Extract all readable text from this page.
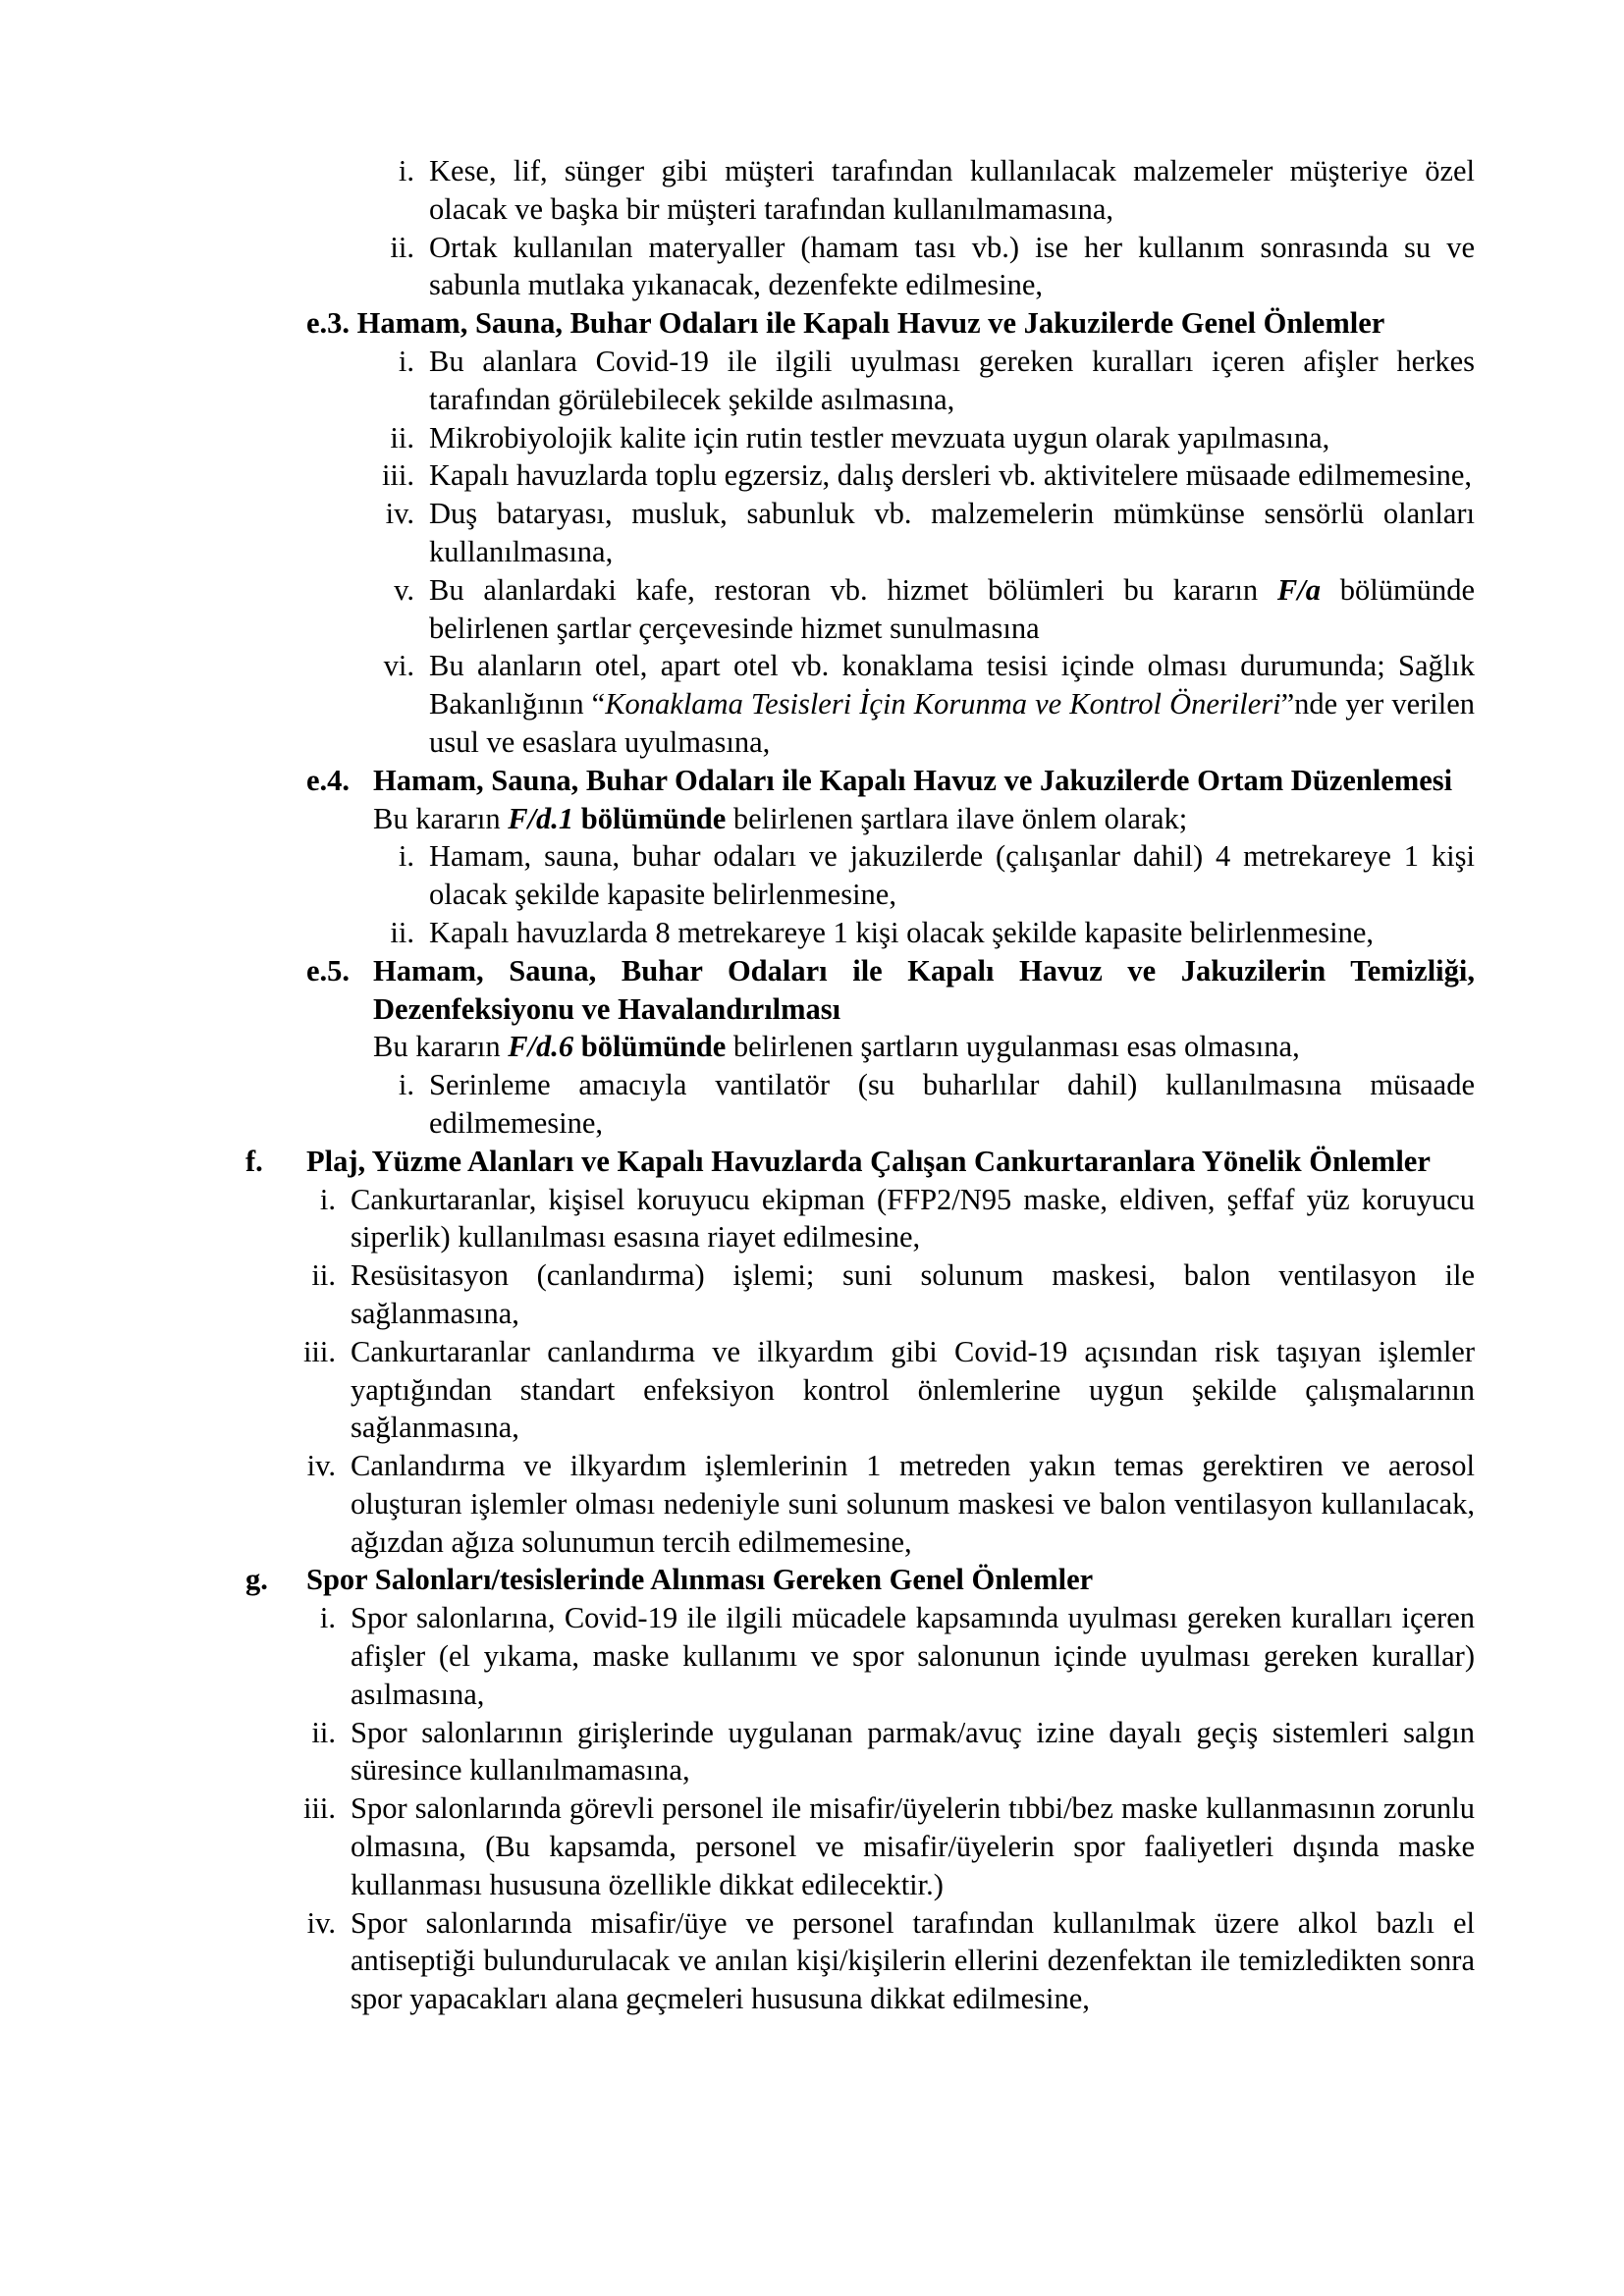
i. Kese, lif, sünger gibi müşteri tarafından kullanılacak malzemeler müşteriye özel olacak ve başka bir müşteri tarafından kullanılmamasına,
ii. Ortak kullanılan materyaller (hamam tası vb.) ise her kullanım sonrasında su ve sabunla mutlaka yıkanacak, dezenfekte edilmesine,
e.3. Hamam, Sauna, Buhar Odaları ile Kapalı Havuz ve Jakuzilerde Genel Önlemler
i. Bu alanlara Covid-19 ile ilgili uyulması gereken kuralları içeren afişler herkes tarafından görülebilecek şekilde asılmasına,
ii. Mikrobiyolojik kalite için rutin testler mevzuata uygun olarak yapılmasına,
iii. Kapalı havuzlarda toplu egzersiz, dalış dersleri vb. aktivitelere müsaade edilmemesine,
iv. Duş bataryası, musluk, sabunluk vb. malzemelerin mümkünse sensörlü olanları kullanılmasına,
v. Bu alanlardaki kafe, restoran vb. hizmet bölümleri bu kararın F/a bölümünde belirlenen şartlar çerçevesinde hizmet sunulmasına
vi. Bu alanların otel, apart otel vb. konaklama tesisi içinde olması durumunda; Sağlık Bakanlığının “Konaklama Tesisleri İçin Korunma ve Kontrol Önerileri”nde yer verilen usul ve esaslara uyulmasına,
e.4. Hamam, Sauna, Buhar Odaları ile Kapalı Havuz ve Jakuzilerde Ortam Düzenlemesi
Bu kararın F/d.1 bölümünde belirlenen şartlara ilave önlem olarak;
i. Hamam, sauna, buhar odaları ve jakuzilerde (çalışanlar dahil) 4 metrekareye 1 kişi olacak şekilde kapasite belirlenmesine,
ii. Kapalı havuzlarda 8 metrekareye 1 kişi olacak şekilde kapasite belirlenmesine,
e.5. Hamam, Sauna, Buhar Odaları ile Kapalı Havuz ve Jakuzilerin Temizliği, Dezenfeksiyonu ve Havalandırılması
Bu kararın F/d.6 bölümünde belirlenen şartların uygulanması esas olmasına,
i. Serinleme amacıyla vantilatör (su buharlılar dahil) kullanılmasına müsaade edilmemesine,
f.	Plaj, Yüzme Alanları ve Kapalı Havuzlarda Çalışan Cankurtaranlara Yönelik Önlemler
i. Cankurtaranlar, kişisel koruyucu ekipman (FFP2/N95 maske, eldiven, şeffaf yüz koruyucu siperlik) kullanılması esasına riayet edilmesine,
ii. Resüsitasyon (canlandırma) işlemi; suni solunum maskesi, balon ventilasyon ile sağlanmasına,
iii. Cankurtaranlar canlandırma ve ilkyardım gibi Covid-19 açısından risk taşıyan işlemler yaptığından standart enfeksiyon kontrol önlemlerine uygun şekilde çalışmalarının sağlanmasına,
iv. Canlandırma ve ilkyardım işlemlerinin 1 metreden yakın temas gerektiren ve aerosol oluşturan işlemler olması nedeniyle suni solunum maskesi ve balon ventilasyon kullanılacak, ağızdan ağıza solunumun tercih edilmemesine,
g.	Spor Salonları/tesislerinde Alınması Gereken Genel Önlemler
i. Spor salonlarına, Covid-19 ile ilgili mücadele kapsamında uyulması gereken kuralları içeren afişler (el yıkama, maske kullanımı ve spor salonunun içinde uyulması gereken kurallar) asılmasına,
ii. Spor salonlarının girişlerinde uygulanan parmak/avuç izine dayalı geçiş sistemleri salgın süresince kullanılmamasına,
iii. Spor salonlarında görevli personel ile misafir/üyelerin tıbbi/bez maske kullanmasının zorunlu olmasına, (Bu kapsamda, personel ve misafir/üyelerin spor faaliyetleri dışında maske kullanması hususuna özellikle dikkat edilecektir.)
iv. Spor salonlarında misafir/üye ve personel tarafından kullanılmak üzere alkol bazlı el antiseptiği bulundurulacak ve anılan kişi/kişilerin ellerini dezenfektan ile temizledikten sonra spor yapacakları alana geçmeleri hususuna dikkat edilmesine,
